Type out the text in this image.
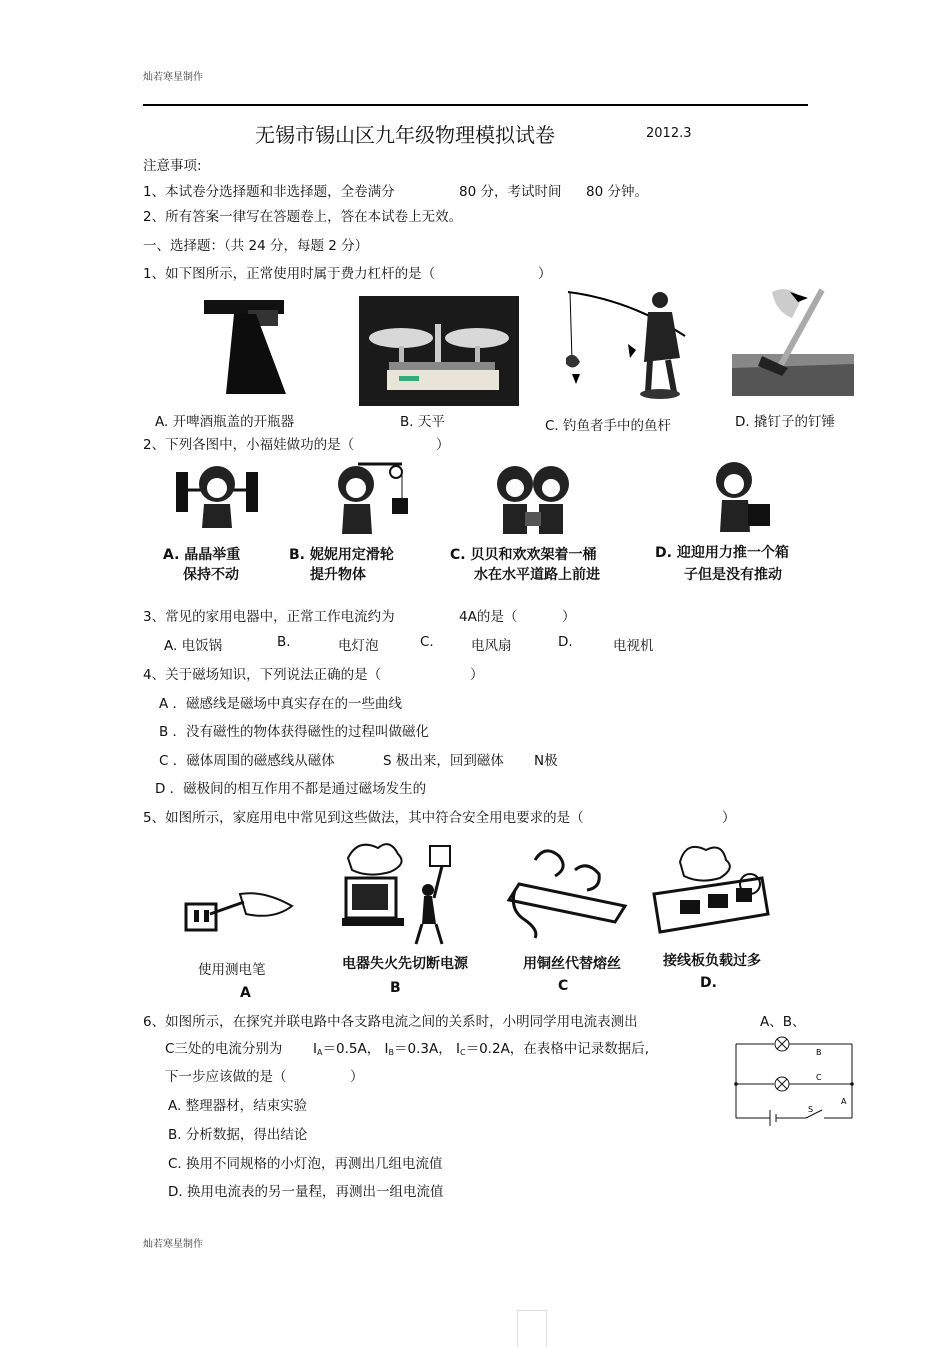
灿若寒星制作
无锡市锡山区九年级物理模拟试卷	2012.3
注意事项:
1、本试卷分选择题和非选择题，全卷满分	80 分，考试时间 80 分钟。
2、所有答案一律写在答题卷上，答在本试卷上无效。
一、选择题：（共 24 分，每题 2 分）
1、如下图所示，正常使用时属于费力杠杆的是（	）
A. 开啤酒瓶盖的开瓶器	B. 天平	C. 钓鱼者手中的鱼杆	D. 撬钉子的钉锤
2、下列各图中，小福娃做功的是（	）
A. 晶晶举重
保持不动
B. 妮妮用定滑轮
提升物体
C. 贝贝和欢欢架着一桶
水在水平道路上前进
D. 迎迎用力推一个箱
子但是没有推动
3、常见的家用电器中，正常工作电流约为	4A的是（	）
A. 电饭锅	B.	电灯泡	C.	电风扇	D.	电视机
4、关于磁场知识，下列说法正确的是（	）
A ．磁感线是磁场中真实存在的一些曲线
B ．没有磁性的物体获得磁性的过程叫做磁化
C ．磁体周围的磁感线从磁体	S 极出来，回到磁体 N极
D ．磁极间的相互作用不都是通过磁场发生的
5、如图所示，家庭用电中常见到这些做法，其中符合安全用电要求的是（	）
使用测电笔
A
电器失火先切断电源
B
用铜丝代替熔丝
C
接线板负载过多
D.
6、如图所示，在探究并联电路中各支路电流之间的关系时，小明同学用电流表测出	A、B、
C三处的电流分别为 $I_A=0.5A$， $I_B=0.3A$， $I_C=0.2A$，在表格中记录数据后,
下一步应该做的是（	）
A. 整理器材，结束实验
B. 分析数据，得出结论
C. 换用不同规格的小灯泡，再测出几组电流值
D. 换用电流表的另一量程，再测出一组电流值
B
C
S
A
灿若寒星制作
